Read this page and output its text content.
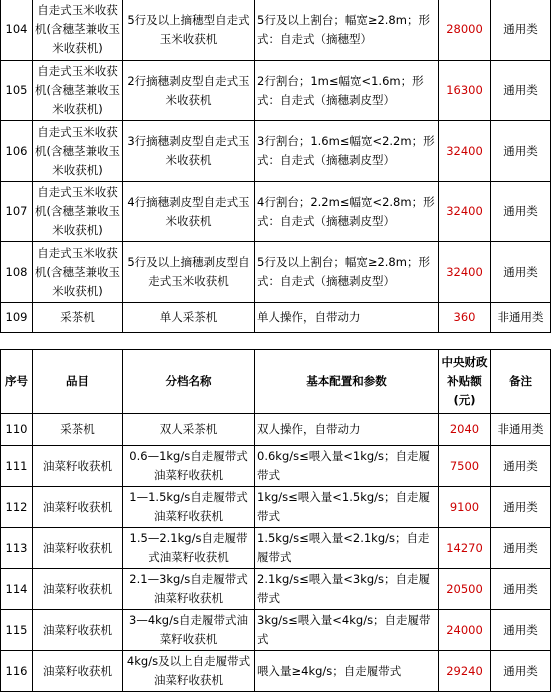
104	自走式玉米收获机(含穗茎兼收玉米收获机)	5行及以上摘穗型自走式玉米收获机	5行及以上割台；幅宽≥2.8m；形式：自走式（摘穗型）	28000	通用类
105	自走式玉米收获机(含穗茎兼收玉米收获机)	2行摘穗剥皮型自走式玉米收获机	2行割台；1m≤幅宽<1.6m；形式：自走式（摘穗剥皮型）	16300	通用类
106	自走式玉米收获机(含穗茎兼收玉米收获机)	3行摘穗剥皮型自走式玉米收获机	3行割台；1.6m≤幅宽<2.2m；形式：自走式（摘穗剥皮型）	32400	通用类
107	自走式玉米收获机(含穗茎兼收玉米收获机)	4行摘穗剥皮型自走式玉米收获机	4行割台；2.2m≤幅宽<2.8m；形式：自走式（摘穗剥皮型）	32400	通用类
108	自走式玉米收获机(含穗茎兼收玉米收获机)	5行及以上摘穗剥皮型自走式玉米收获机	5行及以上割台；幅宽≥2.8m；形式：自走式（摘穗剥皮型）	32400	通用类
109	采茶机	单人采茶机	单人操作，自带动力	360	非通用类
序号	品目	分档名称	基本配置和参数	中央财政补贴额(元)	备注
110	采茶机	双人采茶机	双人操作，自带动力	2040	非通用类
111	油菜籽收获机	0.6—1kg/s自走履带式油菜籽收获机	0.6kg/s≤喂入量<1kg/s；自走履带式	7500	通用类
112	油菜籽收获机	1—1.5kg/s自走履带式油菜籽收获机	1kg/s≤喂入量<1.5kg/s；自走履带式	9100	通用类
113	油菜籽收获机	1.5—2.1kg/s自走履带式油菜籽收获机	1.5kg/s≤喂入量<2.1kg/s；自走履带式	14270	通用类
114	油菜籽收获机	2.1—3kg/s自走履带式油菜籽收获机	2.1kg/s≤喂入量<3kg/s；自走履带式	20500	通用类
115	油菜籽收获机	3—4kg/s自走履带式油菜籽收获机	3kg/s≤喂入量<4kg/s；自走履带式	24000	通用类
116	油菜籽收获机	4kg/s及以上自走履带式油菜籽收获机	喂入量≥4kg/s；自走履带式	29240	通用类
